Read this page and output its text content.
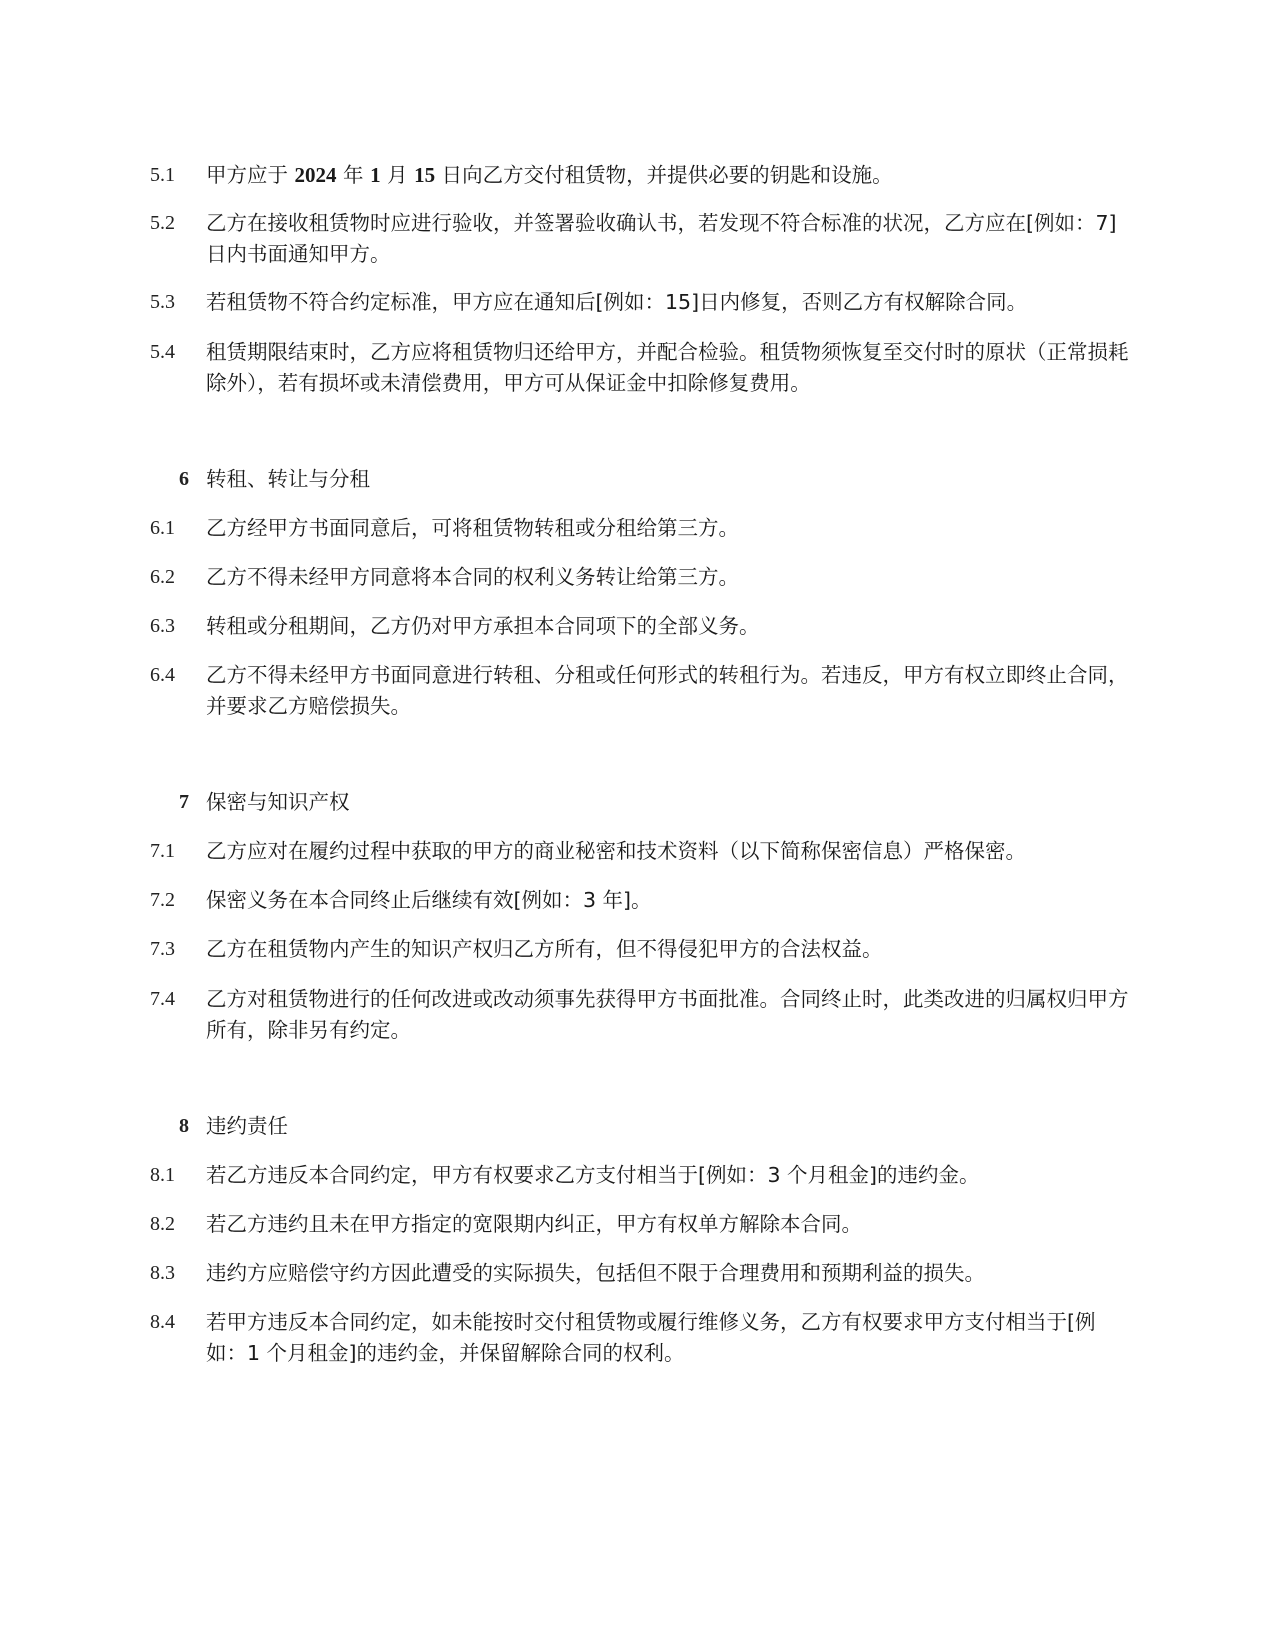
5.1	甲方应于 2024 年 1 月 15 日向乙方交付租赁物，并提供必要的钥匙和设施。
5.2	乙方在接收租赁物时应进行验收，并签署验收确认书，若发现不符合标准的状况，乙方应在[例如：7]日内书面通知甲方。
5.3	若租赁物不符合约定标准，甲方应在通知后[例如：15]日内修复，否则乙方有权解除合同。
5.4	租赁期限结束时，乙方应将租赁物归还给甲方，并配合检验。租赁物须恢复至交付时的原状（正常损耗除外），若有损坏或未清偿费用，甲方可从保证金中扣除修复费用。
6 转租、转让与分租
6.1	乙方经甲方书面同意后，可将租赁物转租或分租给第三方。
6.2	乙方不得未经甲方同意将本合同的权利义务转让给第三方。
6.3	转租或分租期间，乙方仍对甲方承担本合同项下的全部义务。
6.4	乙方不得未经甲方书面同意进行转租、分租或任何形式的转租行为。若违反，甲方有权立即终止合同，并要求乙方赔偿损失。
7 保密与知识产权
7.1	乙方应对在履约过程中获取的甲方的商业秘密和技术资料（以下简称保密信息）严格保密。
7.2	保密义务在本合同终止后继续有效[例如：3 年]。
7.3	乙方在租赁物内产生的知识产权归乙方所有，但不得侵犯甲方的合法权益。
7.4	乙方对租赁物进行的任何改进或改动须事先获得甲方书面批准。合同终止时，此类改进的归属权归甲方所有，除非另有约定。
8 违约责任
8.1	若乙方违反本合同约定，甲方有权要求乙方支付相当于[例如：3 个月租金]的违约金。
8.2	若乙方违约且未在甲方指定的宽限期内纠正，甲方有权单方解除本合同。
8.3	违约方应赔偿守约方因此遭受的实际损失，包括但不限于合理费用和预期利益的损失。
8.4	若甲方违反本合同约定，如未能按时交付租赁物或履行维修义务，乙方有权要求甲方支付相当于[例如：1 个月租金]的违约金，并保留解除合同的权利。
